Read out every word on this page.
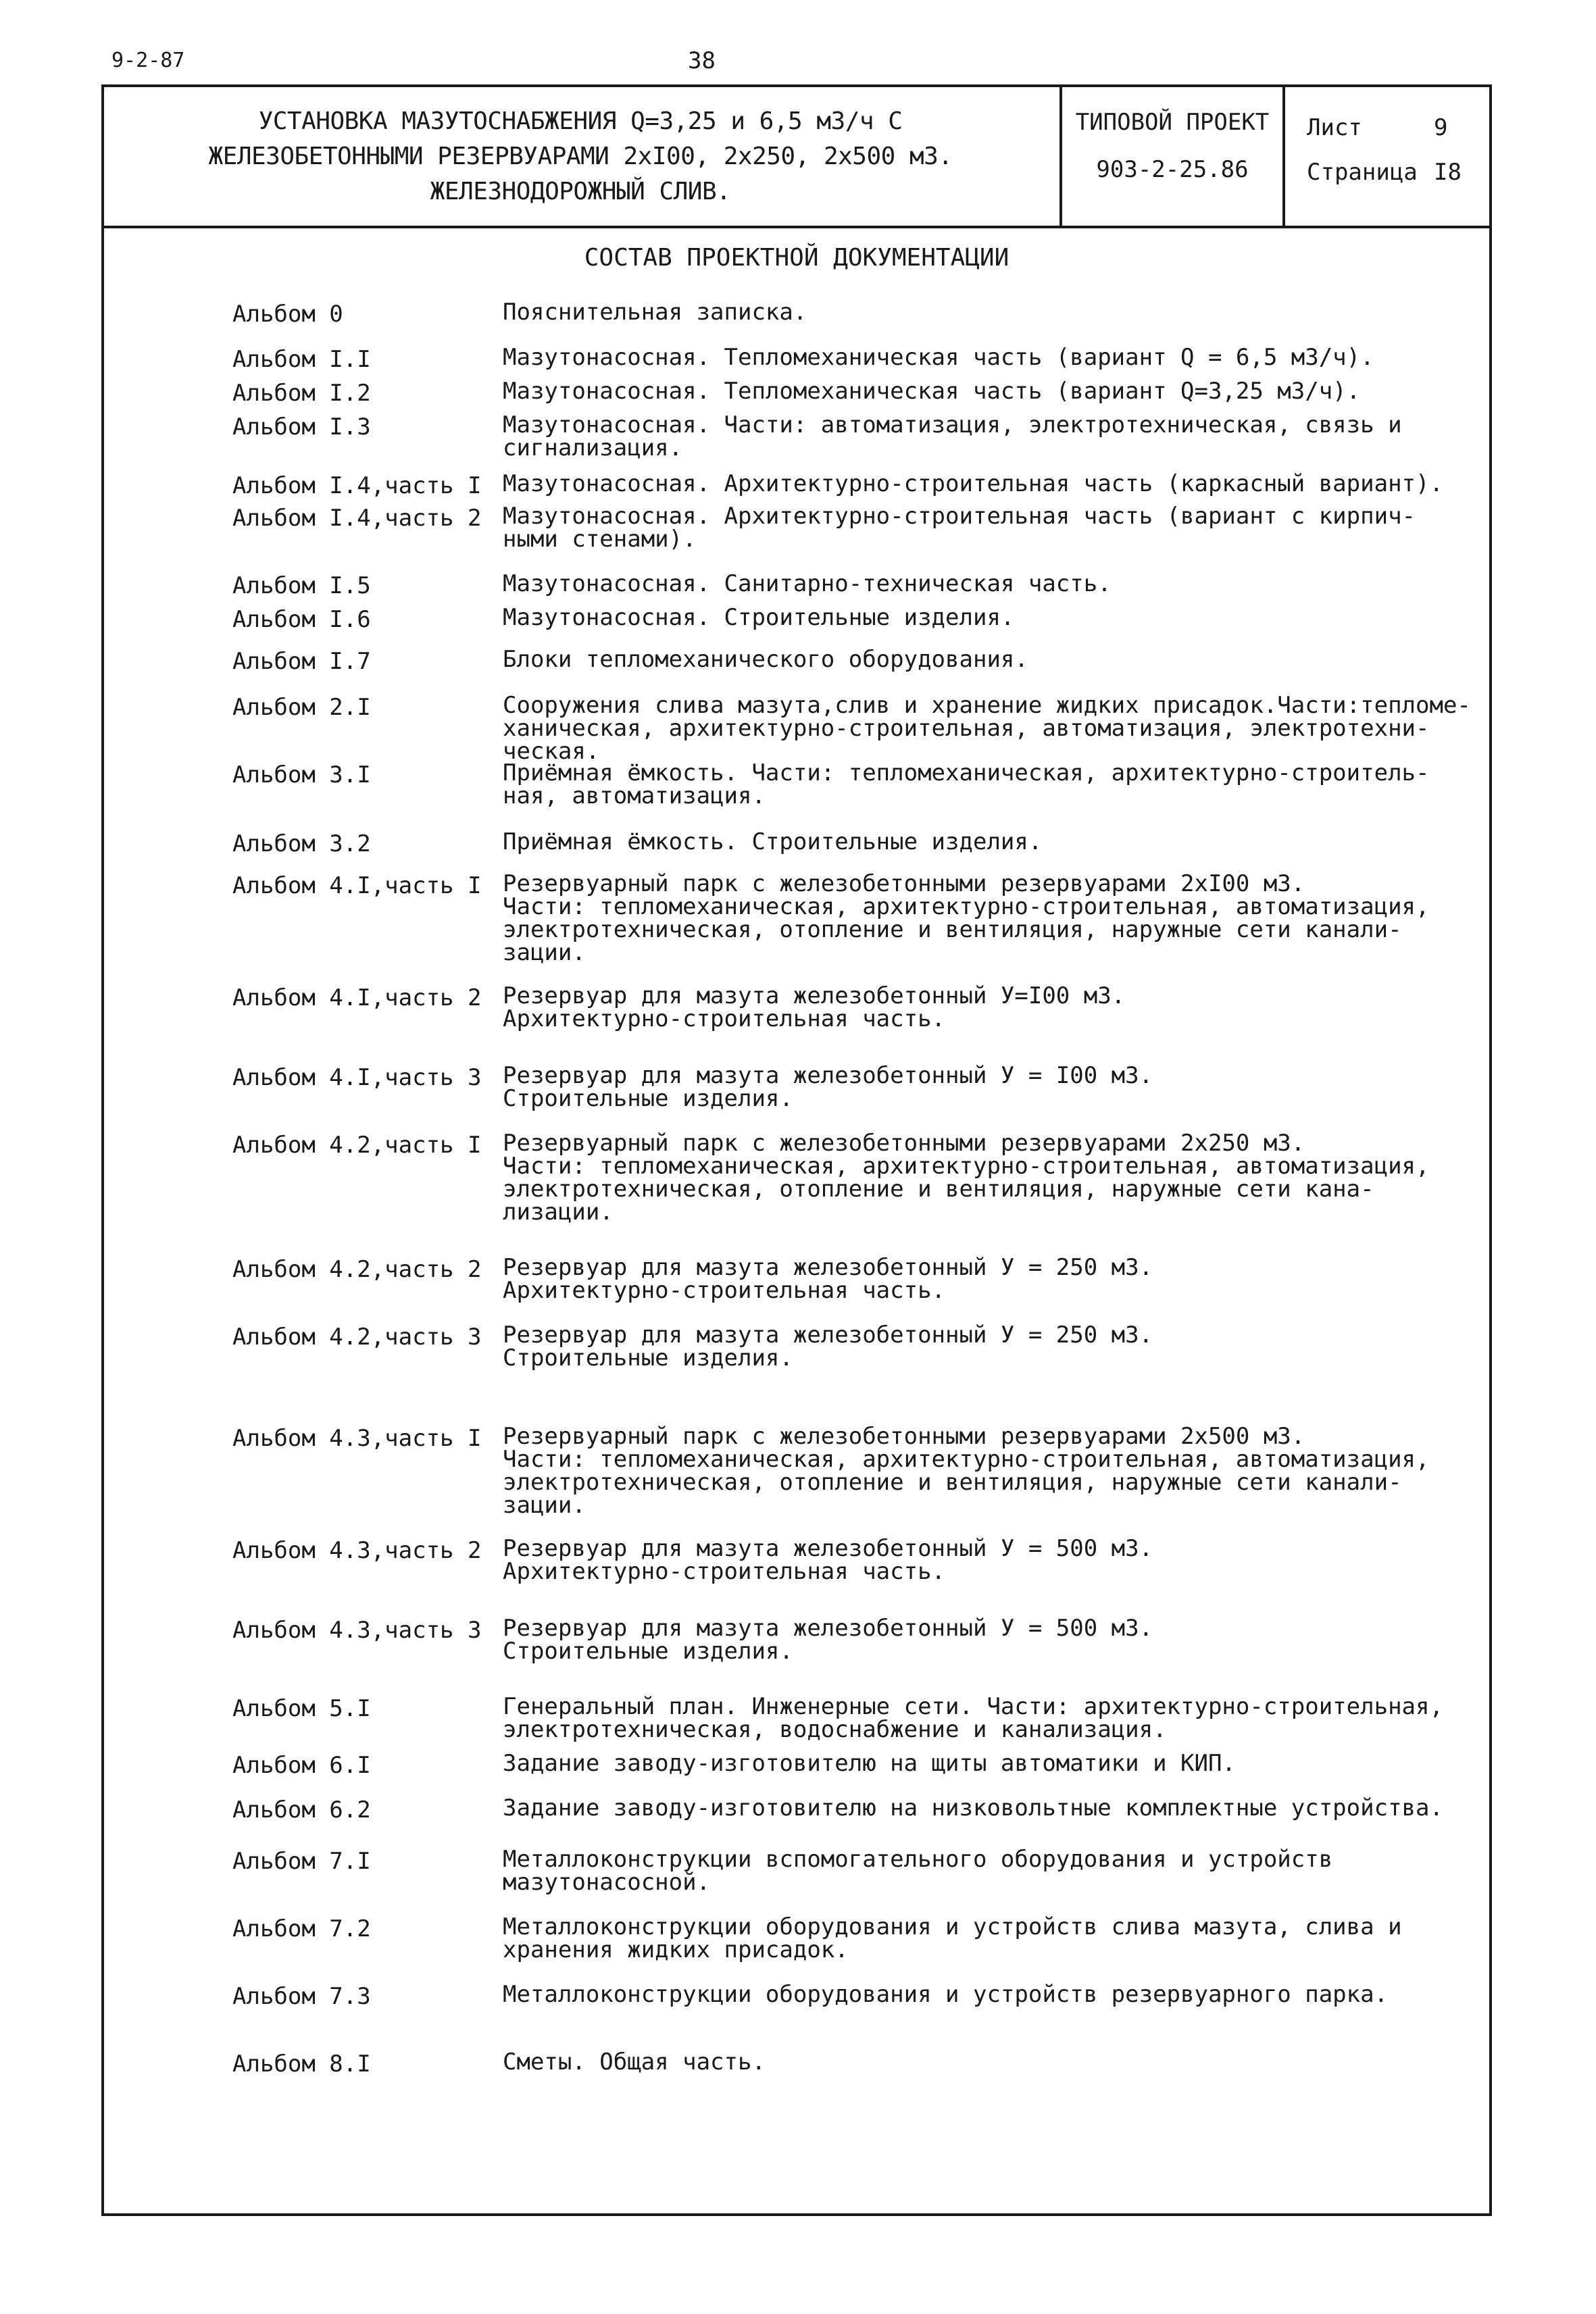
9-2-87	38
УСТАНОВКА МАЗУТОСНАБЖЕНИЯ Q=3,25 и 6,5 м3/ч С
ЖЕЛЕЗОБЕТОННЫМИ РЕЗЕРВУАРАМИ 2хI00, 2х250, 2х500 м3.
ЖЕЛЕЗНОДОРОЖНЫЙ СЛИВ.
ТИПОВОЙ ПРОЕКТ
903-2-25.86
Лист	9
Страница I8
СОСТАВ ПРОЕКТНОЙ ДОКУМЕНТАЦИИ
Альбом 0	Пояснительная записка.
Альбом I.I	Мазутонасосная. Тепломеханическая часть (вариант Q = 6,5 м3/ч).
Альбом I.2	Мазутонасосная. Тепломеханическая часть (вариант Q=3,25 м3/ч).
Альбом I.3	Мазутонасосная. Части: автоматизация, электротехническая, связь и
сигнализация.
Альбом I.4,часть I Мазутонасосная. Архитектурно-строительная часть (каркасный вариант).
Альбом I.4,часть 2 Мазутонасосная. Архитектурно-строительная часть (вариант с кирпич-
ными стенами).
Альбом I.5	Мазутонасосная. Санитарно-техническая часть.
Альбом I.6	Мазутонасосная. Строительные изделия.
Альбом I.7	Блоки тепломеханического оборудования.
Альбом 2.I	Сооружения слива мазута,слив и хранение жидких присадок.Части:тепломе-
ханическая, архитектурно-строительная, автоматизация, электротехни-
ческая.
Альбом 3.I	Приёмная ёмкость. Части: тепломеханическая, архитектурно-строитель-
ная, автоматизация.
Альбом 3.2	Приёмная ёмкость. Строительные изделия.
Альбом 4.I,часть I Резервуарный парк с железобетонными резервуарами 2хI00 м3.
Части: тепломеханическая, архитектурно-строительная, автоматизация,
электротехническая, отопление и вентиляция, наружные сети канали-
зации.
Альбом 4.I,часть 2 Резервуар для мазута железобетонный У=I00 м3.
Архитектурно-строительная часть.
Альбом 4.I,часть 3 Резервуар для мазута железобетонный У = I00 м3.
Строительные изделия.
Альбом 4.2,часть I Резервуарный парк с железобетонными резервуарами 2х250 м3.
Части: тепломеханическая, архитектурно-строительная, автоматизация,
электротехническая, отопление и вентиляция, наружные сети кана-
лизации.
Альбом 4.2,часть 2 Резервуар для мазута железобетонный У = 250 м3.
Архитектурно-строительная часть.
Альбом 4.2,часть 3 Резервуар для мазута железобетонный У = 250 м3.
Строительные изделия.
Альбом 4.3,часть I Резервуарный парк с железобетонными резервуарами 2х500 м3.
Части: тепломеханическая, архитектурно-строительная, автоматизация,
электротехническая, отопление и вентиляция, наружные сети канали-
зации.
Альбом 4.3,часть 2 Резервуар для мазута железобетонный У = 500 м3.
Архитектурно-строительная часть.
Альбом 4.3,часть 3 Резервуар для мазута железобетонный У = 500 м3.
Строительные изделия.
Альбом 5.I	Генеральный план. Инженерные сети. Части: архитектурно-строительная,
электротехническая, водоснабжение и канализация.
Альбом 6.I	Задание заводу-изготовителю на щиты автоматики и КИП.
Альбом 6.2	Задание заводу-изготовителю на низковольтные комплектные устройства.
Альбом 7.I	Металлоконструкции вспомогательного оборудования и устройств
мазутонасосной.
Альбом 7.2	Металлоконструкции оборудования и устройств слива мазута, слива и
хранения жидких присадок.
Альбом 7.3	Металлоконструкции оборудования и устройств резервуарного парка.
Альбом 8.I	Сметы. Общая часть.
